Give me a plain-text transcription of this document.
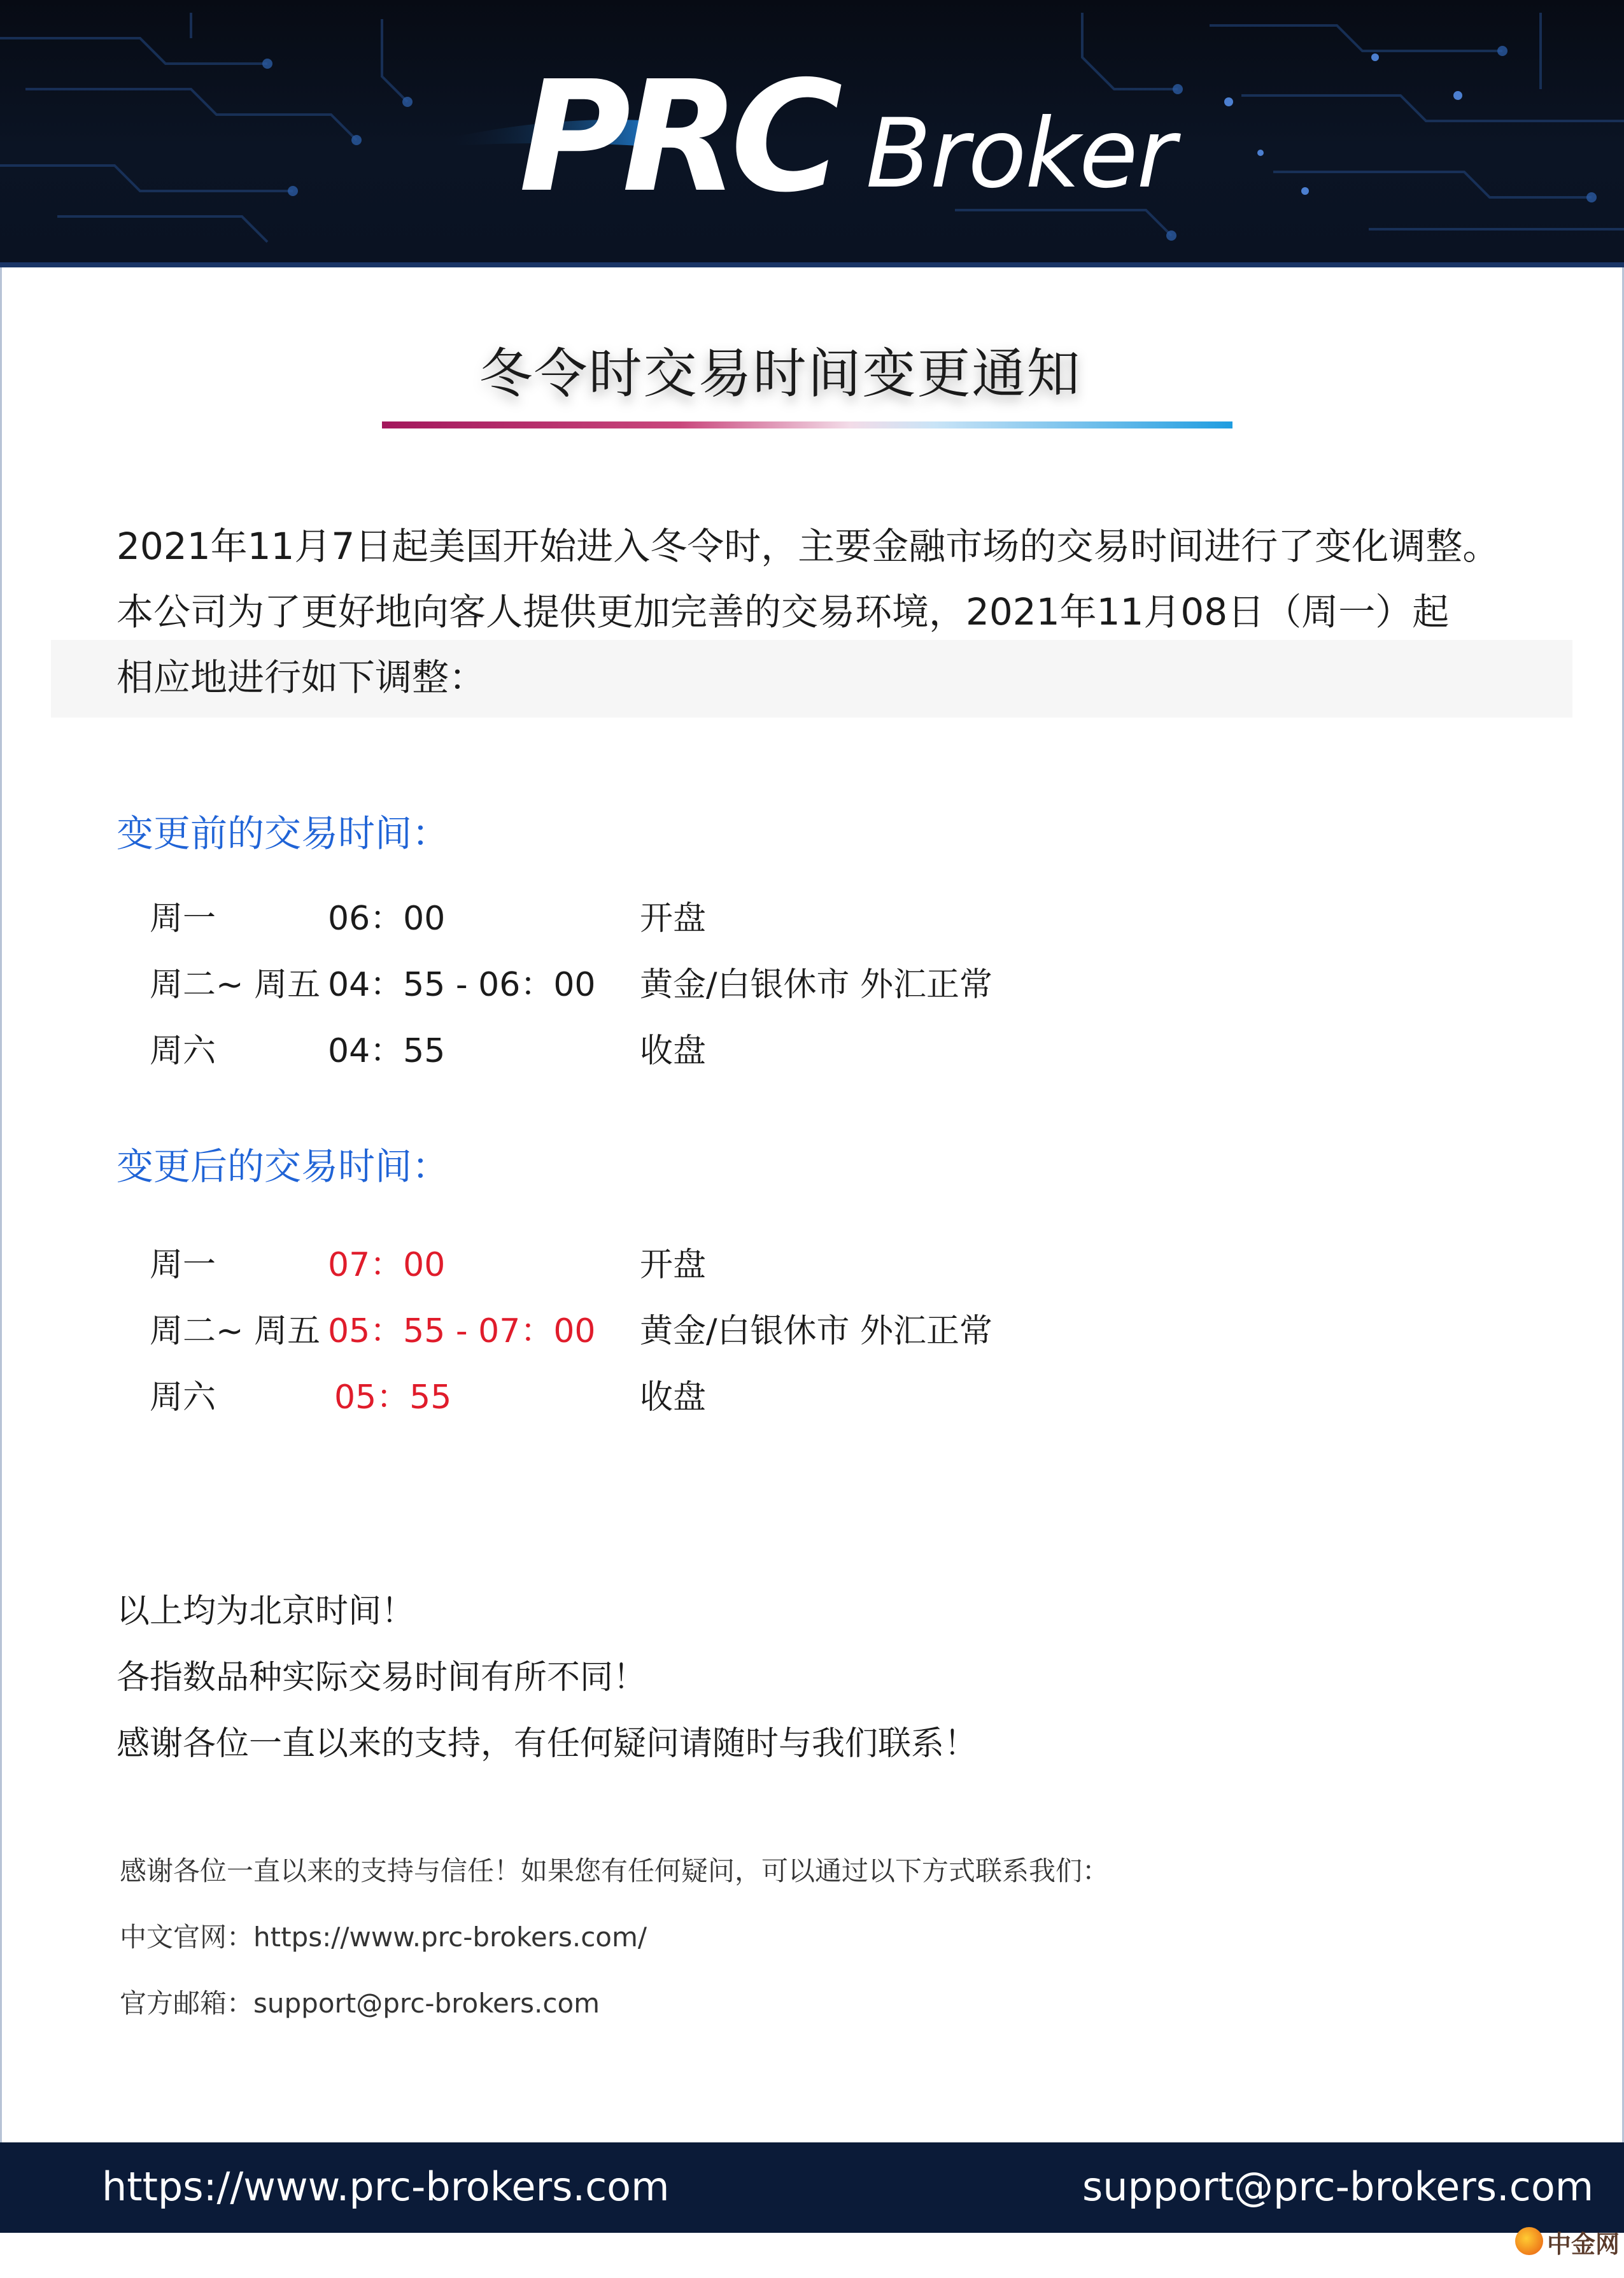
PRC Broker
冬令时交易时间变更通知
2021年11月7日起美国开始进入冬令时，主要金融市场的交易时间进行了变化调整。
本公司为了更好地向客人提供更加完善的交易环境，2021年11月08日（周一）起
相应地进行如下调整：
变更前的交易时间：
周一	06：00	开盘
周二~ 周五 04：55 - 06：00 黄金/白银休市 外汇正常
周六	04：55	收盘
变更后的交易时间：
周一	07：00	开盘
周二~ 周五 05：55 - 07：00 黄金/白银休市 外汇正常
周六	05：55	收盘
以上均为北京时间！
各指数品种实际交易时间有所不同！
感谢各位一直以来的支持，有任何疑问请随时与我们联系！
感谢各位一直以来的支持与信任！如果您有任何疑问，可以通过以下方式联系我们：
中文官网：https://www.prc-brokers.com/
官方邮箱：support@prc-brokers.com
https://www.prc-brokers.com	support@prc-brokers.com
中金网
